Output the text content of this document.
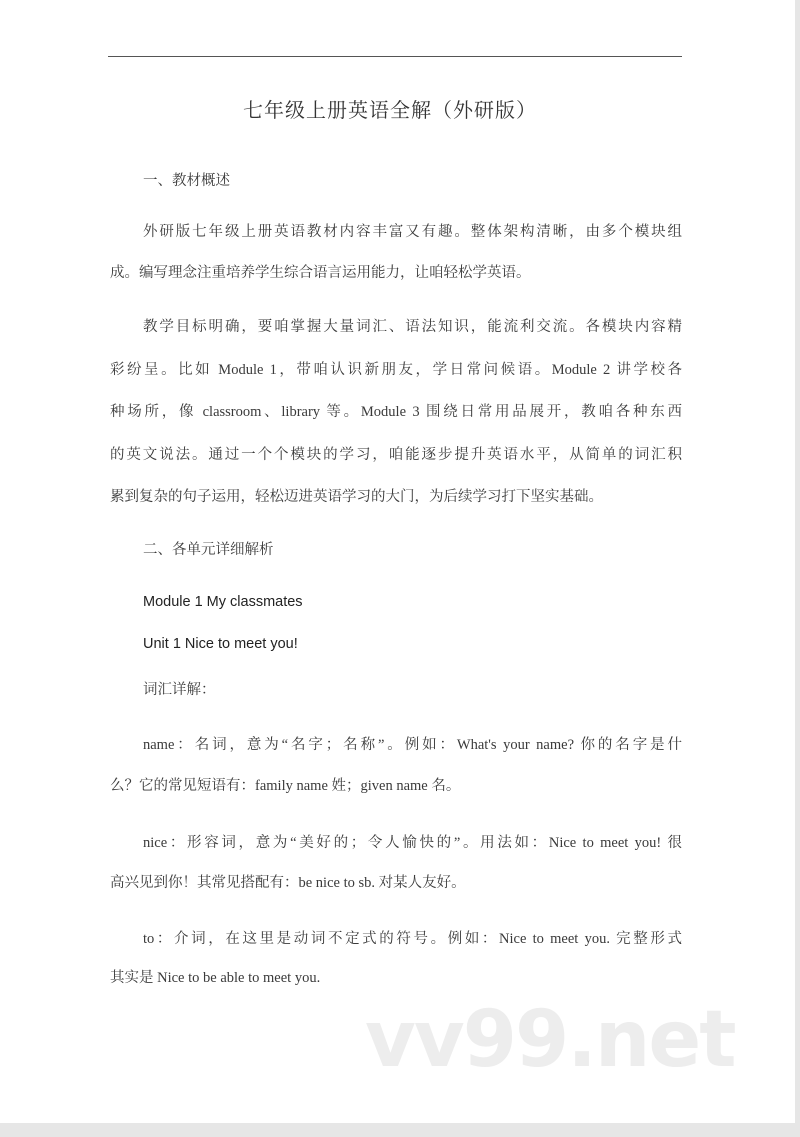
七年级上册英语全解（外研版）
一、教材概述
外研版七年级上册英语教材内容丰富又有趣。整体架构清晰，由多个模块组
成。编写理念注重培养学生综合语言运用能力，让咱轻松学英语。
教学目标明确，要咱掌握大量词汇、语法知识，能流利交流。各模块内容精
彩纷呈。比如 Module 1，带咱认识新朋友，学日常问候语。Module 2 讲学校各
种场所，像 classroom、library 等。Module 3 围绕日常用品展开，教咱各种东西
的英文说法。通过一个个模块的学习，咱能逐步提升英语水平，从简单的词汇积
累到复杂的句子运用，轻松迈进英语学习的大门，为后续学习打下坚实基础。
二、各单元详细解析
Module 1 My classmates
Unit 1 Nice to meet you!
词汇详解：
name：名词，意为“名字；名称”。例如：What's your name? 你的名字是什
么？它的常见短语有：family name 姓；given name 名。
nice：形容词，意为“美好的；令人愉快的”。用法如：Nice to meet you! 很
高兴见到你！其常见搭配有：be nice to sb. 对某人友好。
to：介词，在这里是动词不定式的符号。例如：Nice to meet you. 完整形式
其实是 Nice to be able to meet you.
vv99.net
